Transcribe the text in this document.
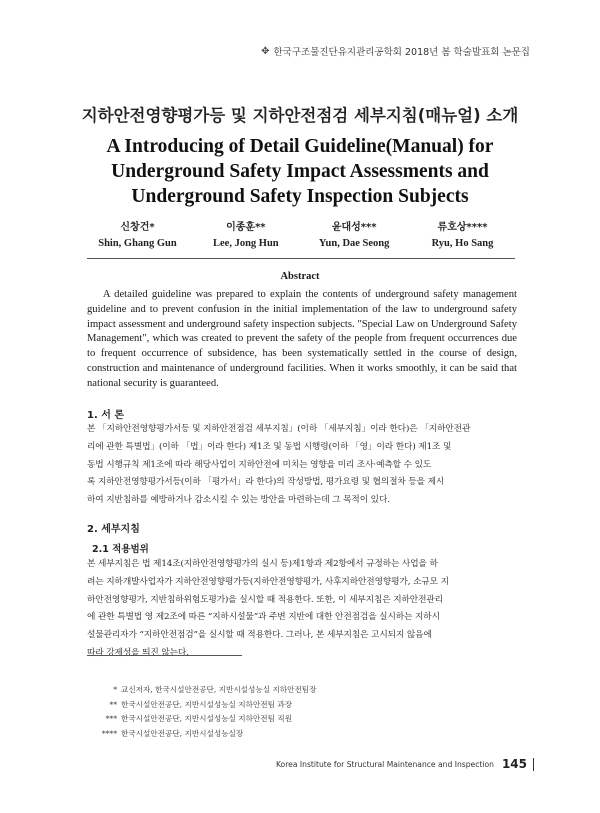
✥ 한국구조물진단유지관리공학회 2018년 봄 학술발표회 논문집
지하안전영향평가등 및 지하안전점검 세부지침(매뉴얼) 소개
A Introducing of Detail Guideline(Manual) for Underground Safety Impact Assessments and Underground Safety Inspection Subjects
신창건*
Shin, Ghang Gun
이종훈**
Lee, Jong Hun
윤대성***
Yun, Dae Seong
류호상****
Ryu, Ho Sang
Abstract
A detailed guideline was prepared to explain the contents of underground safety management guideline and to prevent confusion in the initial implementation of the law to underground safety impact assessment and underground safety inspection subjects. "Special Law on Underground Safety Management", which was created to prevent the safety of the people from frequent occurrences due to frequent occurrence of subsidence, has been systematically settled in the course of design, construction and maintenance of underground facilities. When it works smoothly, it can be said that national security is guaranteed.
1. 서 론
본 「지하안전영향평가서등 및 지하안전점검 세부지침」(이하 「세부지침」이라 한다)은 「지하안전관
리에 관한 특별법」(이하 「법」이라 한다) 제1조 및 동법 시행령(이하 「영」이라 한다) 제1조 및
동법 시행규칙 제1조에 따라 해당사업이 지하안전에 미치는 영향을 미리 조사·예측할 수 있도
록 지하안전영향평가서등(이하 「평가서」라 한다)의 작성방법, 평가요령 및 협의절차 등을 제시
하여 지반침하를 예방하거나 감소시킬 수 있는 방안을 마련하는데 그 목적이 있다.
2. 세부지침
2.1 적용범위
본 세부지침은 법 제14조(지하안전영향평가의 실시 등)제1항과 제2항에서 규정하는 사업을 하
려는 지하개발사업자가 지하안전영향평가등(지하안전영향평가, 사후지하안전영향평가, 소규모 지
하안전영향평가, 지반침하위험도평가)을 실시할 때 적용한다. 또한, 이 세부지침은 지하안전관리
에 관한 특별법 영 제2조에 따른 “지하시설물”과 주변 지반에 대한 안전점검을 실시하는 지하시
설물관리자가 “지하안전점검”을 실시할 때 적용한다. 그러나, 본 세부지침은 고시되지 않음에
따라 강제성을 띄진 않는다.
* 교신저자, 한국시설안전공단, 지반시설성능실 지하안전팀장
** 한국시설안전공단, 지반시설성능실 지하안전팀 과장
*** 한국시설안전공단, 지반시설성능실 지하안전팀 직원
**** 한국시설안전공단, 지반시설성능실장
Korea Institute for Structural Maintenance and Inspection 145
